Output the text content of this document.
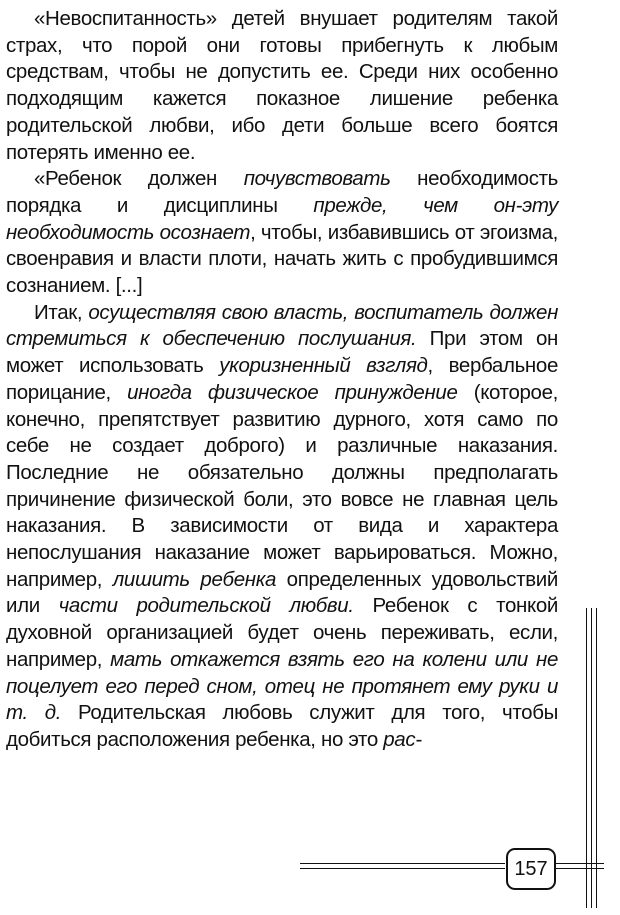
«Невоспитанность» детей внушает родителям такой страх, что порой они готовы прибегнуть к любым средствам, чтобы не допустить ее. Среди них особенно подходящим кажется показное лишение ребенка родительской любви, ибо дети больше всего боятся потерять именно ее.

«Ребенок должен почувствовать необходимость порядка и дисциплины прежде, чем он-эту необходимость осознает, чтобы, избавившись от эгоизма, своенравия и власти плоти, начать жить с пробудившимся сознанием. [...]

Итак, осуществляя свою власть, воспитатель должен стремиться к обеспечению послушания. При этом он может использовать укоризненный взгляд, вербальное порицание, иногда физическое принуждение (которое, конечно, препятствует развитию дурного, хотя само по себе не создает доброго) и различные наказания. Последние не обязательно должны предполагать причинение физической боли, это вовсе не главная цель наказания. В зависимости от вида и характера непослушания наказание может варьироваться. Можно, например, лишить ребенка определенных удовольствий или части родительской любви. Ребенок с тонкой духовной организацией будет очень переживать, если, например, мать откажется взять его на колени или не поцелует его перед сном, отец не протянет ему руки и т. д. Родительская любовь служит для того, чтобы добиться расположения ребенка, но это рас-

157
